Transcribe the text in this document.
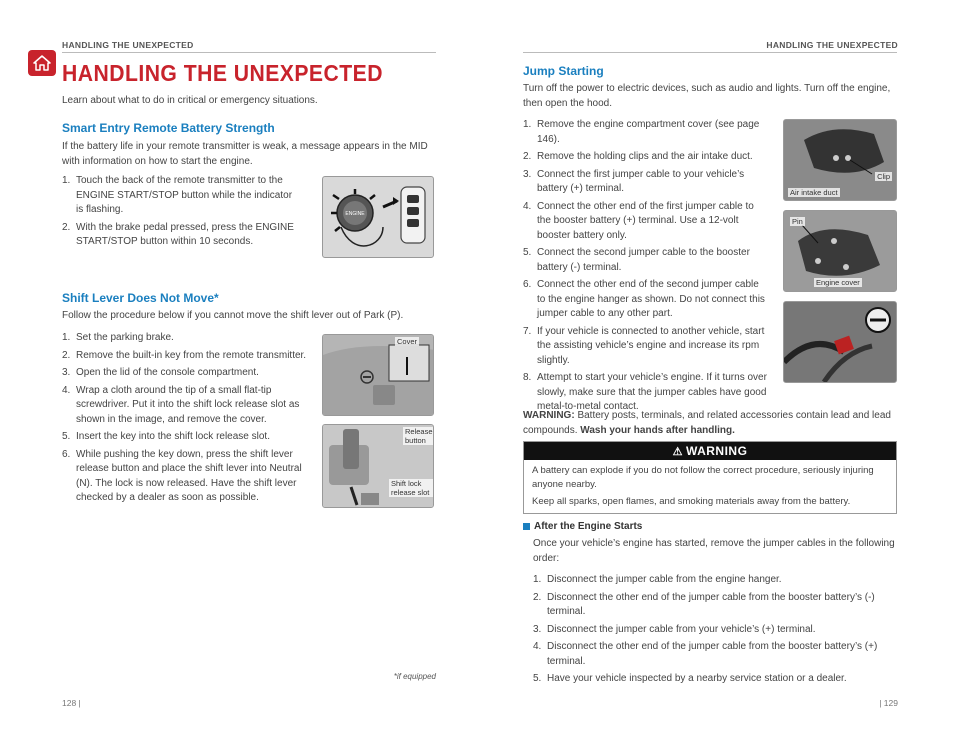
HANDLING THE UNEXPECTED
HANDLING THE UNEXPECTED
Learn about what to do in critical or emergency situations.
Smart Entry Remote Battery Strength

If the battery life in your remote transmitter is weak, a message appears in the MID with information on how to start the engine.

1. Touch the back of the remote transmitter to the ENGINE START/STOP button while the indicator is flashing.
2. With the brake pedal pressed, press the ENGINE START/STOP button within 10 seconds.
ENGINE
Shift Lever Does Not Move*

Follow the procedure below if you cannot move the shift lever out of Park (P).

1. Set the parking brake.
2. Remove the built-in key from the remote transmitter.
3. Open the lid of the console compartment.
4. Wrap a cloth around the tip of a small flat-tip screwdriver. Put it into the shift lock release slot as shown in the image, and remove the cover.
5. Insert the key into the shift lock release slot.
6. While pushing the key down, press the shift lever release button and place the shift lever into Neutral (N). The lock is now released. Have the shift lever checked by a dealer as soon as possible.
Cover
Release button
Shift lock release slot
*if equipped
128 |
HANDLING THE UNEXPECTED
Jump Starting

Turn off the power to electric devices, such as audio and lights. Turn off the engine, then open the hood.

1. Remove the engine compartment cover (see page 146).
2. Remove the holding clips and the air intake duct.
3. Connect the first jumper cable to your vehicle’s battery (+) terminal.
4. Connect the other end of the first jumper cable to the booster battery (+) terminal. Use a 12-volt booster battery only.
5. Connect the second jumper cable to the booster battery (-) terminal.
6. Connect the other end of the second jumper cable to the engine hanger as shown. Do not connect this jumper cable to any other part.
7. If your vehicle is connected to another vehicle, start the assisting vehicle’s engine and increase its rpm slightly.
8. Attempt to start your vehicle’s engine. If it turns over slowly, make sure that the jumper cables have good metal-to-metal contact.
Clip
Air intake duct
Pin
Engine cover

WARNING: Battery posts, terminals, and related accessories contain lead and lead compounds. Wash your hands after handling.

⚠ WARNING

A battery can explode if you do not follow the correct procedure, seriously injuring anyone nearby.

Keep all sparks, open flames, and smoking materials away from the battery.

After the Engine Starts

Once your vehicle’s engine has started, remove the jumper cables in the following order:

1. Disconnect the jumper cable from the engine hanger.
2. Disconnect the other end of the jumper cable from the booster battery’s (-) terminal.
3. Disconnect the jumper cable from your vehicle’s (+) terminal.
4. Disconnect the other end of the jumper cable from the booster battery’s (+) terminal.
5. Have your vehicle inspected by a nearby service station or a dealer.
| 129
